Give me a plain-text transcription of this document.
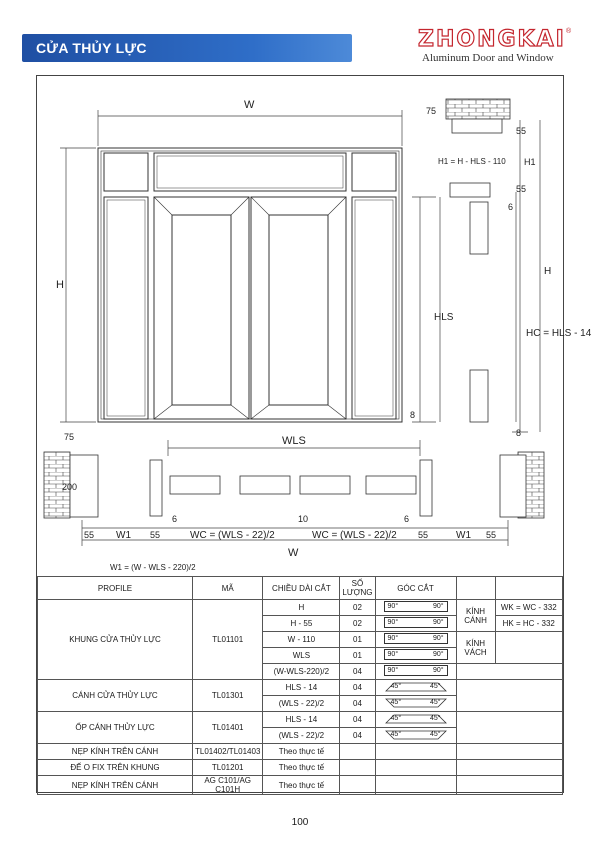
CỬA THỦY LỰC	ZHONGKAI ®
Aluminum Door and Window
W
H
WLS
H1 = H - HLS - 110 H1
HLS
HC = HLS - 14
H
75
55
55
6
8
8
75
200
6	10	6
55 W1 55	WC = (WLS - 22)/2	WC = (WLS - 22)/2 55	W1 55
W
W1 = (W - WLS - 220)/2
PROFILE	MÃ	CHIỀU DÀI CẮT	SỐ LƯỢNG	GÓC CẮT		
KHUNG CỬA THỦY LỰC	TL01101	H	02	90° 90°	KÍNH CÁNH	WK = WC - 332
		H - 55	02	90° 90°		HK = HC - 332
		W - 110	01	90° 90°	KÍNH VÁCH	
		WLS	01	90° 90°		

		(W-WLS-220)/2	04	90° 90°		

CÁNH CỬA THỦY LỰC	TL01301	HLS - 14	04	45° 45°		

		(WLS - 22)/2	04	45° 45°		

ỐP CÁNH THỦY LỰC	TL01401	HLS - 14	04	45° 45°		

		(WLS - 22)/2	04	45° 45°		

NẸP KÍNH TRÊN CÁNH	TL01402/TL01403	Theo thực tế				
ĐẾ O FIX TRÊN KHUNG	TL01201	Theo thực tế				
NẸP KÍNH TRÊN CÁNH	AG C101/AG C101H	Theo thực tế				
100
